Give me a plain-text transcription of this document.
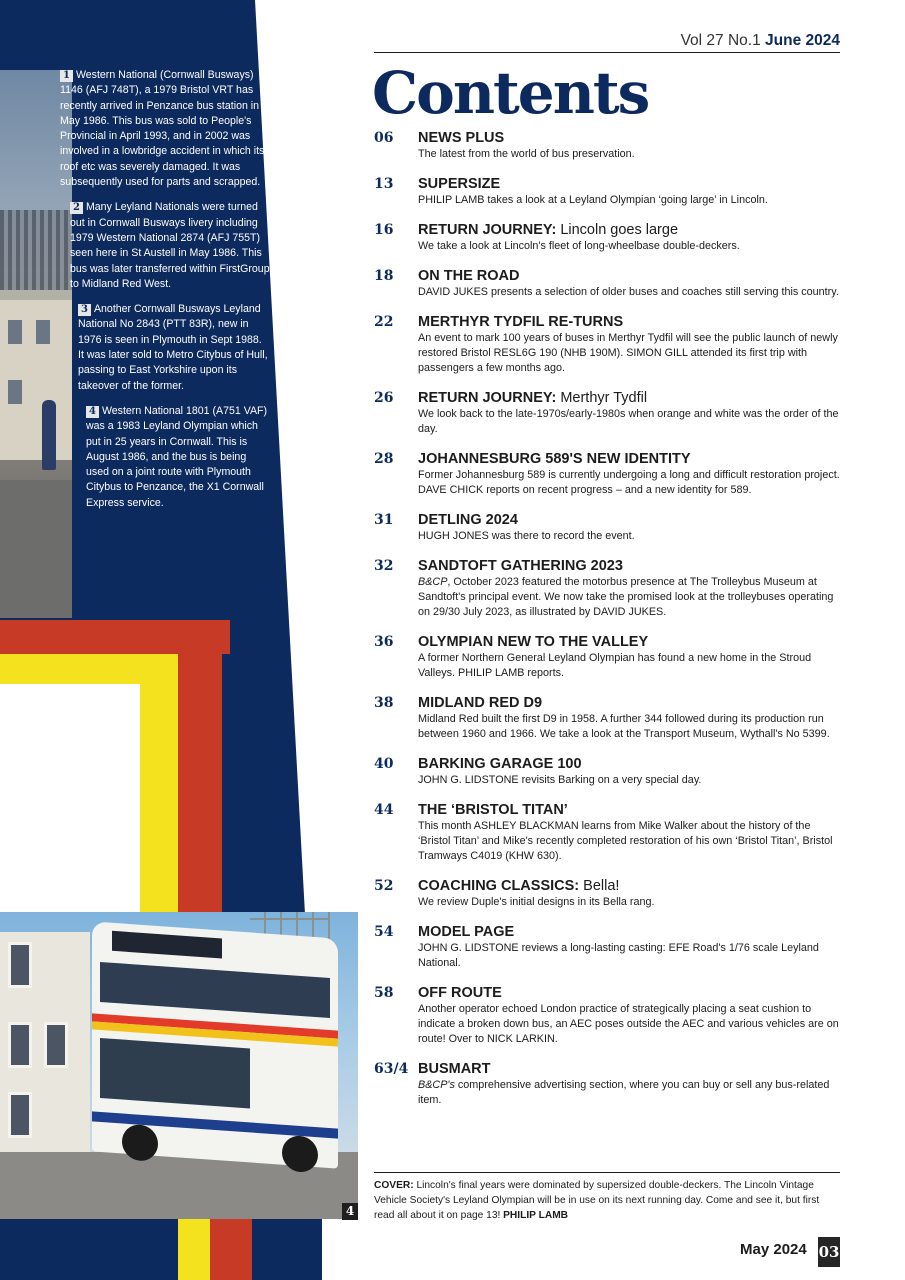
4
1 Western National (Cornwall Busways) 1146 (AFJ 748T), a 1979 Bristol VRT has recently arrived in Penzance bus station in May 1986. This bus was sold to People's Provincial in April 1993, and in 2002 was involved in a lowbridge accident in which its roof etc was severely damaged. It was subsequently used for parts and scrapped.
2 Many Leyland Nationals were turned out in Cornwall Busways livery including 1979 Western National 2874 (AFJ 755T) seen here in St Austell in May 1986. This bus was later transferred within FirstGroup to Midland Red West.
3 Another Cornwall Busways Leyland National No 2843 (PTT 83R), new in 1976 is seen in Plymouth in Sept 1988. It was later sold to Metro Citybus of Hull, passing to East Yorkshire upon its takeover of the former.
4 Western National 1801 (A751 VAF) was a 1983 Leyland Olympian which put in 25 years in Cornwall. This is August 1986, and the bus is being used on a joint route with Plymouth Citybus to Penzance, the X1 Cornwall Express service.
Vol 27 No.1 June 2024
Contents
06	NEWS PLUS
The latest from the world of bus preservation.
13	SUPERSIZE
PHILIP LAMB takes a look at a Leyland Olympian ‘going large’ in Lincoln.
16	RETURN JOURNEY: Lincoln goes large
We take a look at Lincoln's fleet of long-wheelbase double-deckers.
18	ON THE ROAD
DAVID JUKES presents a selection of older buses and coaches still serving this country.
22	MERTHYR TYDFIL RE-TURNS
An event to mark 100 years of buses in Merthyr Tydfil will see the public launch of newly restored Bristol RESL6G 190 (NHB 190M). SIMON GILL attended its first trip with passengers a few months ago.
26	RETURN JOURNEY: Merthyr Tydfil
We look back to the late-1970s/early-1980s when orange and white was the order of the day.
28	JOHANNESBURG 589'S NEW IDENTITY
Former Johannesburg 589 is currently undergoing a long and difficult restoration project. DAVE CHICK reports on recent progress – and a new identity for 589.
31	DETLING 2024
HUGH JONES was there to record the event.
32	SANDTOFT GATHERING 2023
B&CP, October 2023 featured the motorbus presence at The Trolleybus Museum at Sandtoft's principal event. We now take the promised look at the trolleybuses operating on 29/30 July 2023, as illustrated by DAVID JUKES.
36	OLYMPIAN NEW TO THE VALLEY
A former Northern General Leyland Olympian has found a new home in the Stroud Valleys. PHILIP LAMB reports.
38	MIDLAND RED D9
Midland Red built the first D9 in 1958. A further 344 followed during its production run between 1960 and 1966. We take a look at the Transport Museum, Wythall's No 5399.
40	BARKING GARAGE 100
JOHN G. LIDSTONE revisits Barking on a very special day.
44	THE ‘BRISTOL TITAN’
This month ASHLEY BLACKMAN learns from Mike Walker about the history of the ‘Bristol Titan’ and Mike's recently completed restoration of his own ‘Bristol Titan’, Bristol Tramways C4019 (KHW 630).
52	COACHING CLASSICS: Bella!
We review Duple's initial designs in its Bella rang.
54	MODEL PAGE
JOHN G. LIDSTONE reviews a long-lasting casting: EFE Road's 1/76 scale Leyland National.
58	OFF ROUTE
Another operator echoed London practice of strategically placing a seat cushion to indicate a broken down bus, an AEC poses outside the AEC and various vehicles are on route! Over to NICK LARKIN.
63/4 BUSMART
B&CP's comprehensive advertising section, where you can buy or sell any bus-related item.
COVER: Lincoln's final years were dominated by supersized double-deckers. The Lincoln Vintage Vehicle Society's Leyland Olympian will be in use on its next running day. Come and see it, but first read all about it on page 13! PHILIP LAMB
May 2024 03
